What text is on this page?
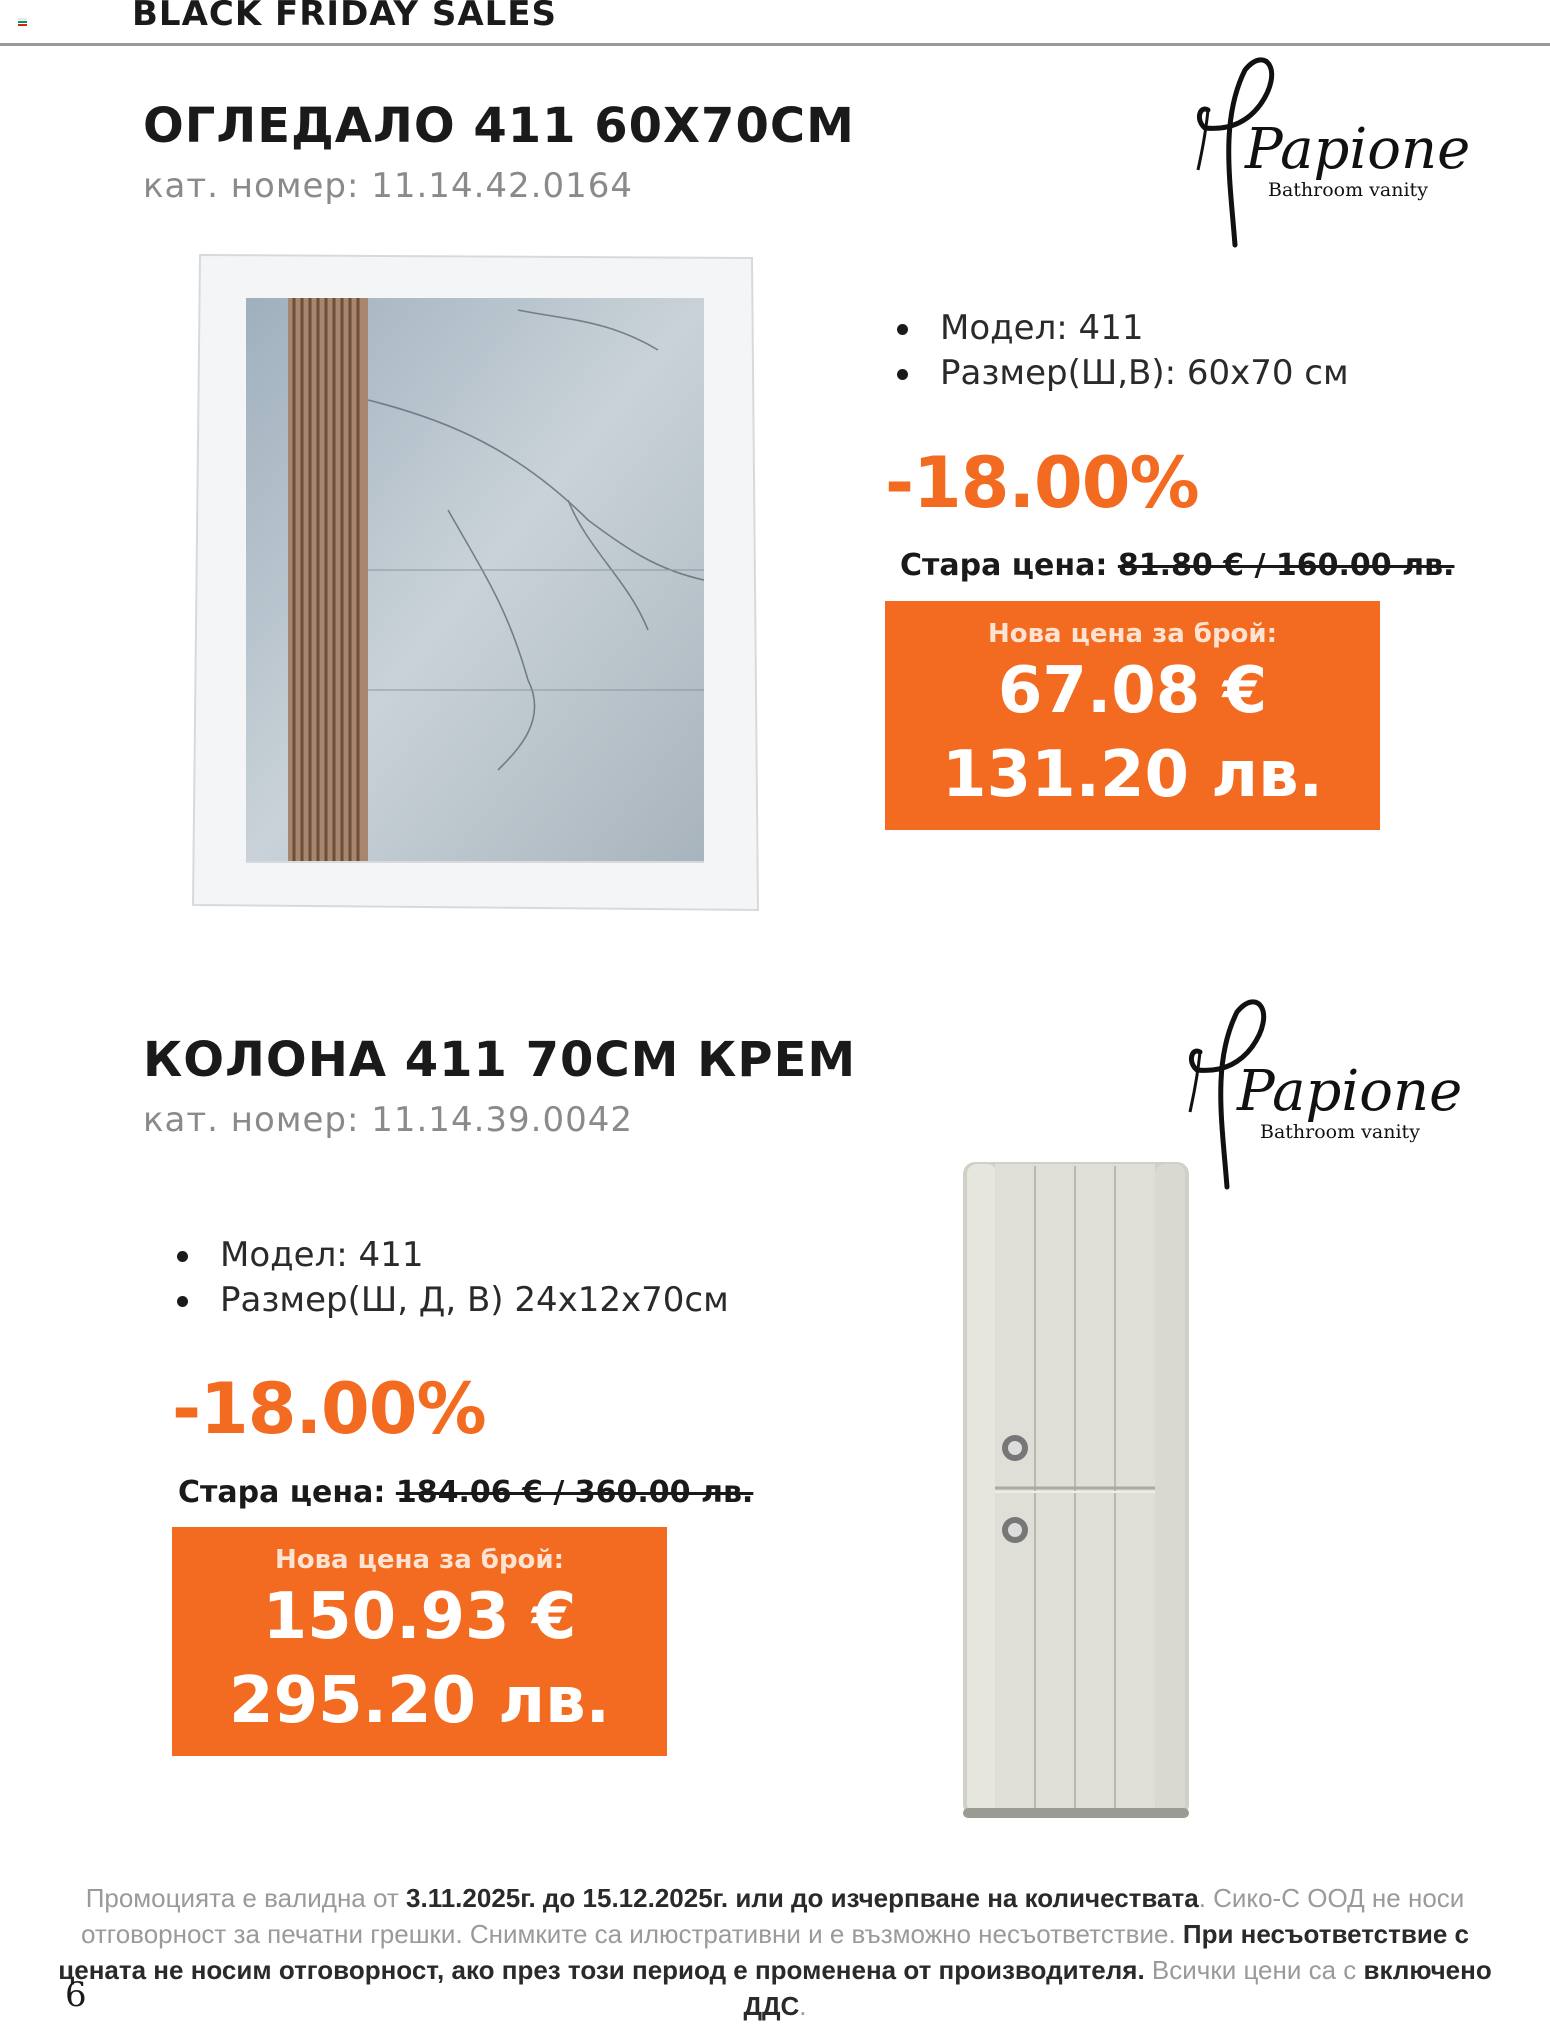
BLACK FRIDAY SALES
ОГЛЕДАЛО 411 60Х70СМ
кат. номер: 11.14.42.0164
Papione
Bathroom vanity
Модел: 411
Размер(Ш,В): 60х70 см
-18.00%
Стара цена: 81.80 € / 160.00 лв.
Нова цена за брой:
67.08 €
131.20 лв.
КОЛОНА 411 70СМ КРЕМ
кат. номер: 11.14.39.0042	Papione
Bathroom vanity
Модел: 411
Размер(Ш, Д, В) 24х12х70см
-18.00%
Стара цена: 184.06 € / 360.00 лв.
Нова цена за брой:
150.93 €
295.20 лв.
Промоцията е валидна от 3.11.2025г. до 15.12.2025г. или до изчерпване на количествата. Сико-С ООД не носи отговорност за печатни грешки. Снимките са илюстративни и е възможно несъответствие. При несъответствие с цената не носим отговорност, ако през този период е променена от производителя. Всички цени са с включено ДДС.
6
